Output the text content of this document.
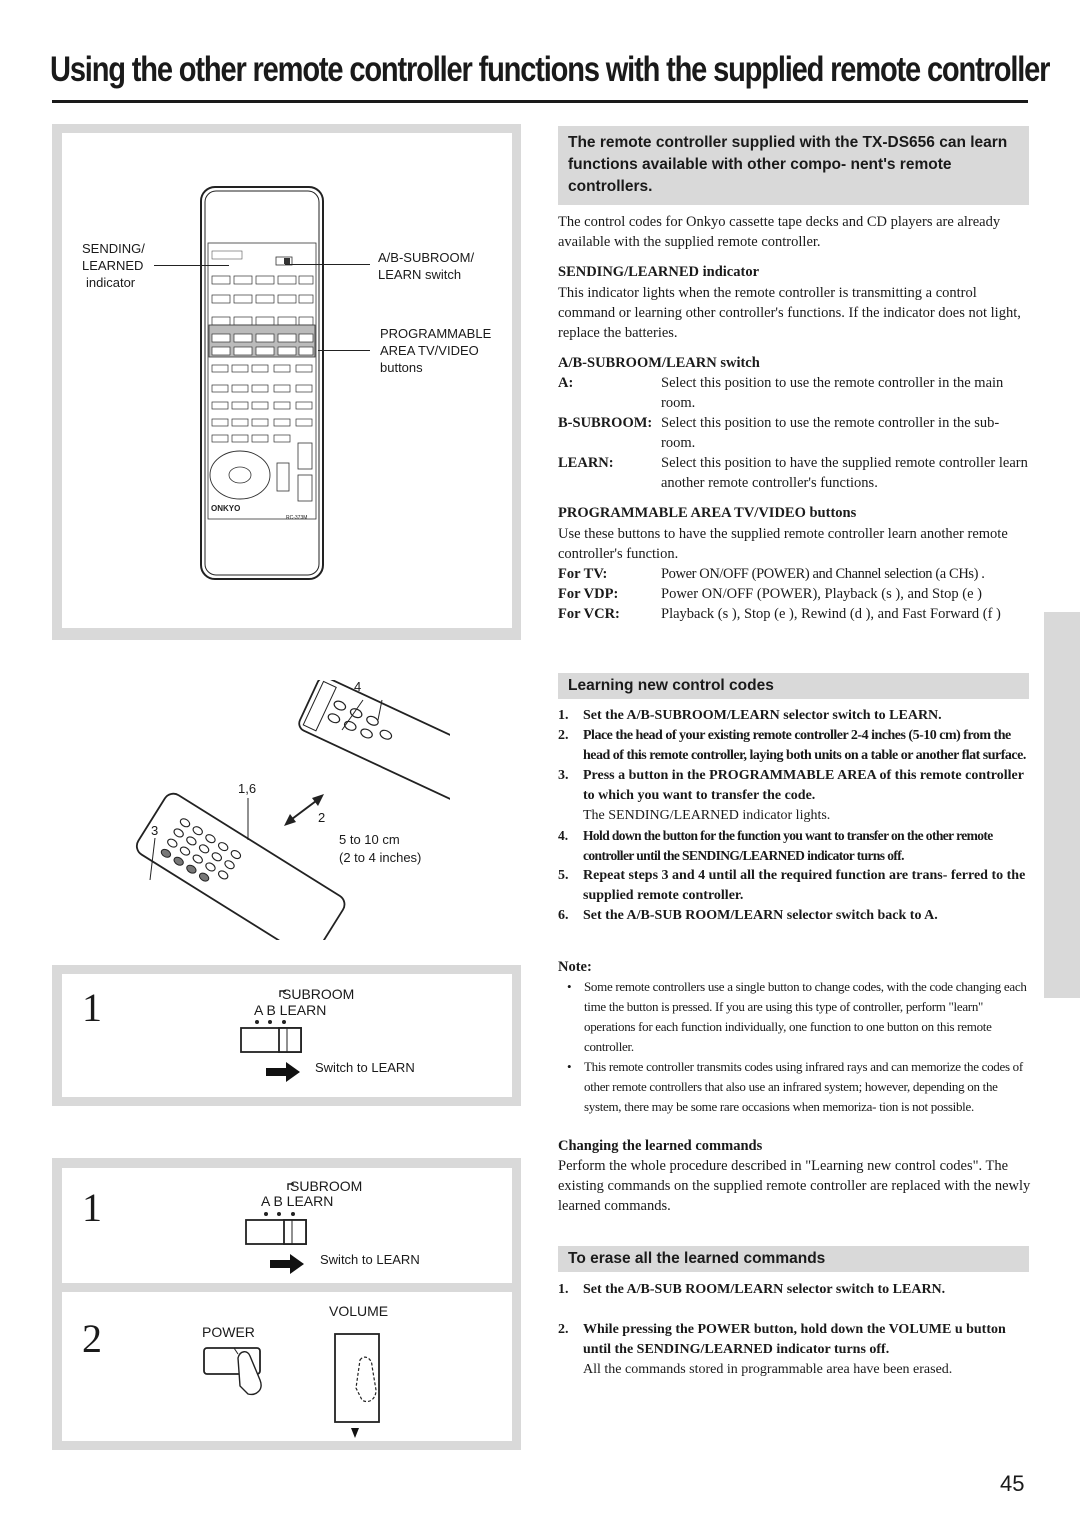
Using the other remote controller functions with the supplied remote controller
ONKYO
RC-373M
SENDING/
LEARNED
indicator
A/B-SUBROOM/
LEARN switch
PROGRAMMABLE
AREA TV/VIDEO
buttons
4
1,6
3
2
5 to 10 cm
(2 to 4 inches)
1	SUBROOM
A B LEARN
Switch to LEARN
1	SUBROOM
A B LEARN
Switch to LEARN
2	POWER
VOLUME
The remote controller supplied with the TX-DS656 can learn functions available with other compo- nent's remote controllers.
The control codes for Onkyo cassette tape decks and CD players are already available with the supplied remote controller.
SENDING/LEARNED indicator
This indicator lights when the remote controller is transmitting a control command or learning other controller's functions. If the indicator does not light, replace the batteries.
A/B-SUBROOM/LEARN switch
A:	Select this position to use the remote controller in the main room.
B-SUBROOM: Select this position to use the remote controller in the sub-room.
LEARN:	Select this position to have the supplied remote controller learn another remote controller's functions.
PROGRAMMABLE AREA TV/VIDEO buttons
Use these buttons to have the supplied remote controller learn another remote controller's function.
For TV:	Power ON/OFF (POWER) and Channel selection (a CHs) .
For VDP:	Power ON/OFF (POWER), Playback (s ), and Stop (e )
For VCR:	Playback (s ), Stop (e ), Rewind (d ), and Fast Forward (f )
Learning new control codes
1. Set the A/B-SUBROOM/LEARN selector switch to LEARN.
2. Place the head of your existing remote controller 2-4 inches (5-10 cm) from the head of this remote controller, laying both units on a table or another flat surface.
3. Press a button in the PROGRAMMABLE AREA of this remote controller to which you want to transfer the code.
The SENDING/LEARNED indicator lights.
4. Hold down the button for the function you want to transfer on the other remote controller until the SENDING/LEARNED indicator turns off.
5. Repeat steps 3 and 4 until all the required function are trans- ferred to the supplied remote controller.
6. Set the A/B-SUB ROOM/LEARN selector switch back to A.
Note:
• Some remote controllers use a single button to change codes, with the code changing each time the button is pressed. If you are using this type of controller, perform "learn" operations for each function individually, one function to one button on this remote controller.
• This remote controller transmits codes using infrared rays and can memorize the codes of other remote controllers that also use an infrared system; however, depending on the system, there may be some rare occasions when memoriza- tion is not possible.
Changing the learned commands
Perform the whole procedure described in "Learning new control codes". The existing commands on the supplied remote controller are replaced with the newly learned commands.
To erase all the learned commands
1. Set the A/B-SUB ROOM/LEARN selector switch to LEARN.
2. While pressing the POWER button, hold down the VOLUME u button until the SENDING/LEARNED indicator turns off.
All the commands stored in programmable area have been erased.
45
